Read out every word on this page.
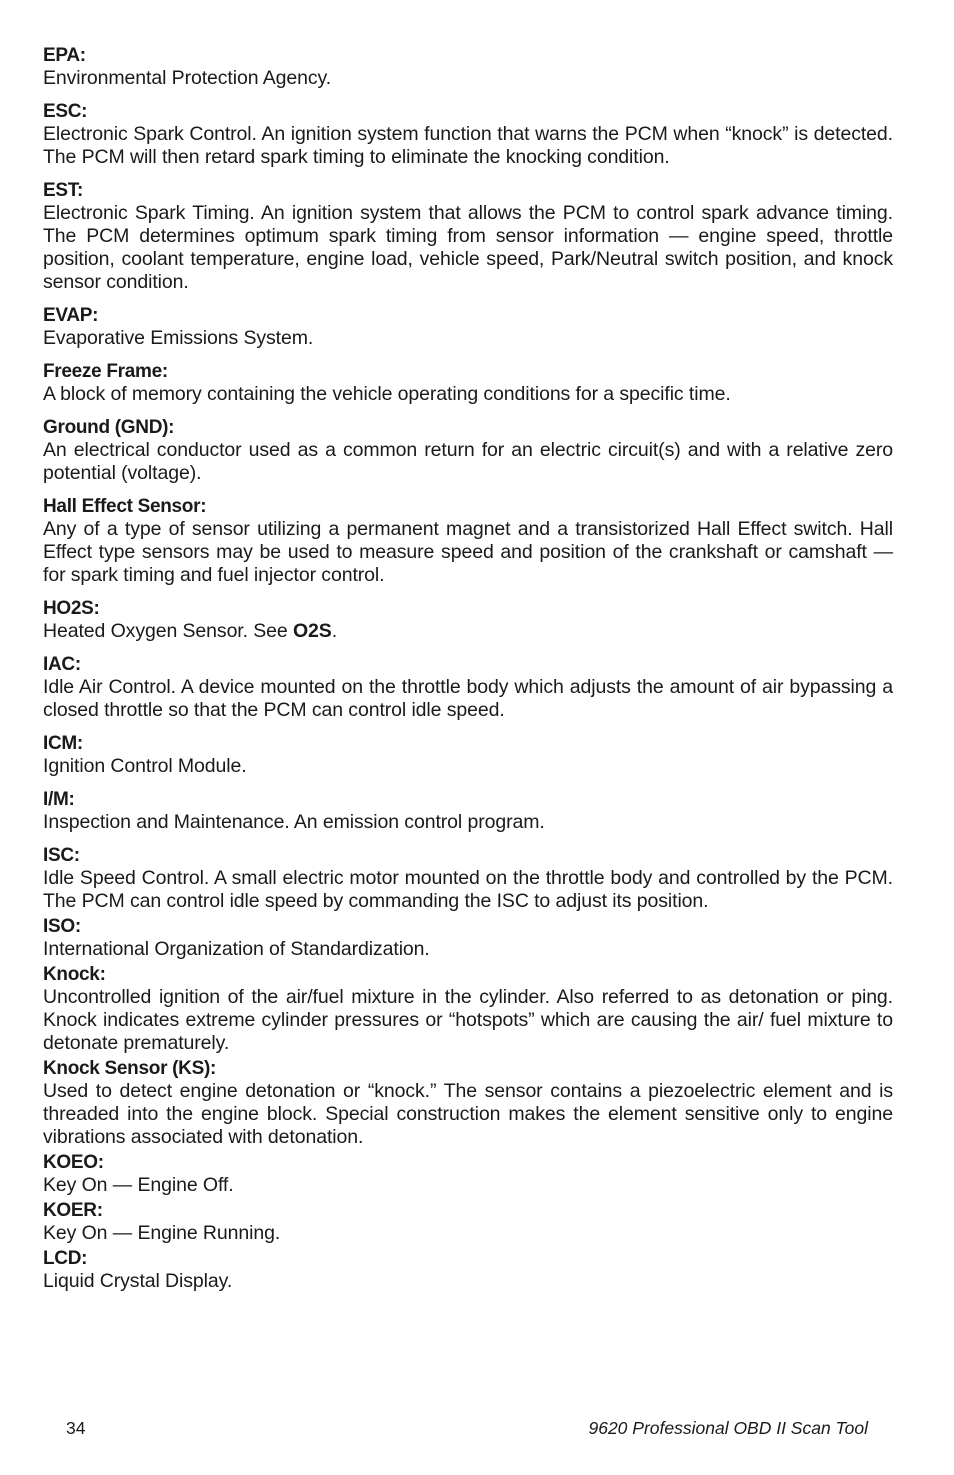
EPA:
Environmental Protection Agency.
ESC:
Electronic Spark Control. An ignition system function that warns the PCM when “knock” is detected. The PCM will then retard spark timing to eliminate the knocking condition.
EST:
Electronic Spark Timing. An ignition system that allows the PCM to control spark advance timing. The PCM determines optimum spark timing from sensor information — engine speed, throttle position, coolant temperature, engine load, vehicle speed, Park/Neutral switch position, and knock sensor condition.
EVAP:
Evaporative Emissions System.
Freeze Frame:
A block of memory containing the vehicle operating conditions for a specific time.
Ground (GND):
An electrical conductor used as a common return for an electric circuit(s) and with a relative zero potential (voltage).
Hall Effect Sensor:
Any of a type of sensor utilizing a permanent magnet and a transistorized Hall Effect switch. Hall Effect type sensors may be used to measure speed and position of the crankshaft or camshaft — for spark timing and fuel injector control.
HO2S:
Heated Oxygen Sensor. See O2S.
IAC:
Idle Air Control. A device mounted on the throttle body which adjusts the amount of air bypassing a closed throttle so that the PCM can control idle speed.
ICM:
Ignition Control Module.
I/M:
Inspection and Maintenance. An emission control program.
ISC:
Idle Speed Control. A small electric motor mounted on the throttle body and controlled by the PCM. The PCM can control idle speed by commanding the ISC to adjust its position.
ISO:
International Organization of Standardization.
Knock:
Uncontrolled ignition of the air/fuel mixture in the cylinder. Also referred to as detonation or ping. Knock indicates extreme cylinder pressures or “hotspots” which are causing the air/ fuel mixture to detonate prematurely.
Knock Sensor (KS):
Used to detect engine detonation or “knock.” The sensor contains a piezoelectric element and is threaded into the engine block. Special construction makes the element sensitive only to engine vibrations associated with detonation.
KOEO:
Key On — Engine Off.
KOER:
Key On — Engine Running.
LCD:
Liquid Crystal Display.
34	9620 Professional OBD II Scan Tool
